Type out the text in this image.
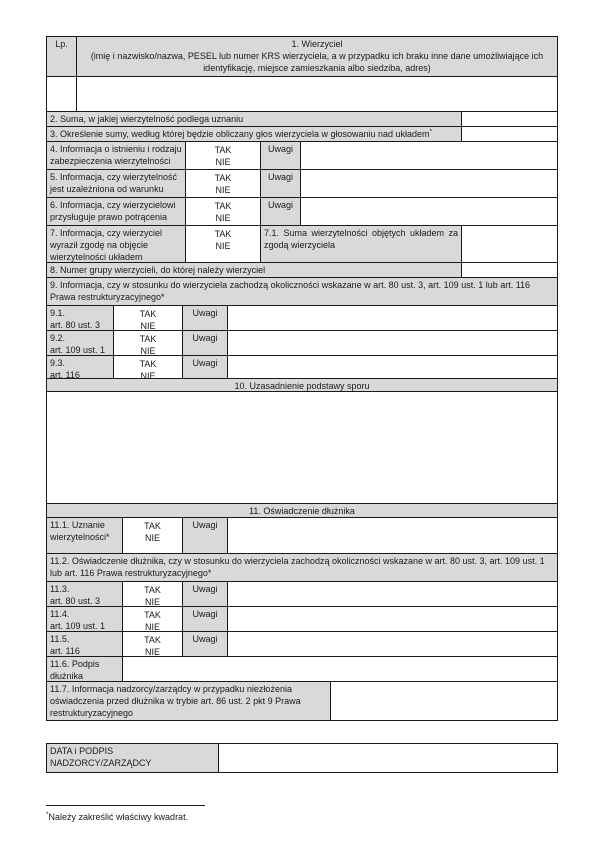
Lp.	1. Wierzyciel
(imię i nazwisko/nazwa, PESEL lub numer KRS wierzyciela, a w przypadku ich braku inne dane umożliwiające ich identyfikację, miejsce zamieszkania albo siedziba, adres)
2. Suma, w jakiej wierzytelność podlega uznaniu
3. Określenie sumy, według której będzie obliczany głos wierzyciela w głosowaniu nad układem*
4. Informacja o istnieniu i rodzaju zabezpieczenia wierzytelności
TAK
NIE
Uwagi
5. Informacja, czy wierzytelność jest uzależniona od warunku
TAK
NIE
Uwagi
6. Informacja, czy wierzycielowi przysługuje prawo potrącenia
TAK
NIE
Uwagi
7. Informacja, czy wierzyciel wyraził zgodę na objęcie wierzytelności układem
TAK
NIE
7.1. Suma wierzytelności objętych układem za zgodą wierzyciela
8. Numer grupy wierzycieli, do której należy wierzyciel
9. Informacja, czy w stosunku do wierzyciela zachodzą okoliczności wskazane w art. 80 ust. 3, art. 109 ust. 1 lub art. 116 Prawa restrukturyzacyjnego*
9.1.
art. 80 ust. 3
TAK
NIE
Uwagi
9.2.
art. 109 ust. 1
TAK
NIE
Uwagi
9.3.
art. 116
TAK
NIE
Uwagi
10. Uzasadnienie podstawy sporu
11. Oświadczenie dłużnika
11.1. Uznanie
wierzytelności*
TAK
NIE
Uwagi
11.2. Oświadczenie dłużnika, czy w stosunku do wierzyciela zachodzą okoliczności wskazane w art. 80 ust. 3, art. 109 ust. 1 lub art. 116 Prawa restrukturyzacyjnego*
11.3.
art. 80 ust. 3
TAK
NIE
Uwagi
11.4.
art. 109 ust. 1
TAK
NIE
Uwagi
11.5.
art. 116
TAK
NIE
Uwagi
11.6. Podpis dłużnika
11.7. Informacja nadzorcy/zarządcy w przypadku niezłożenia oświadczenia przed dłużnika w trybie art. 86 ust. 2 pkt 9 Prawa restrukturyzacyjnego
DATA i PODPIS NADZORCY/ZARZĄDCY
*Należy zakreślić właściwy kwadrat.
